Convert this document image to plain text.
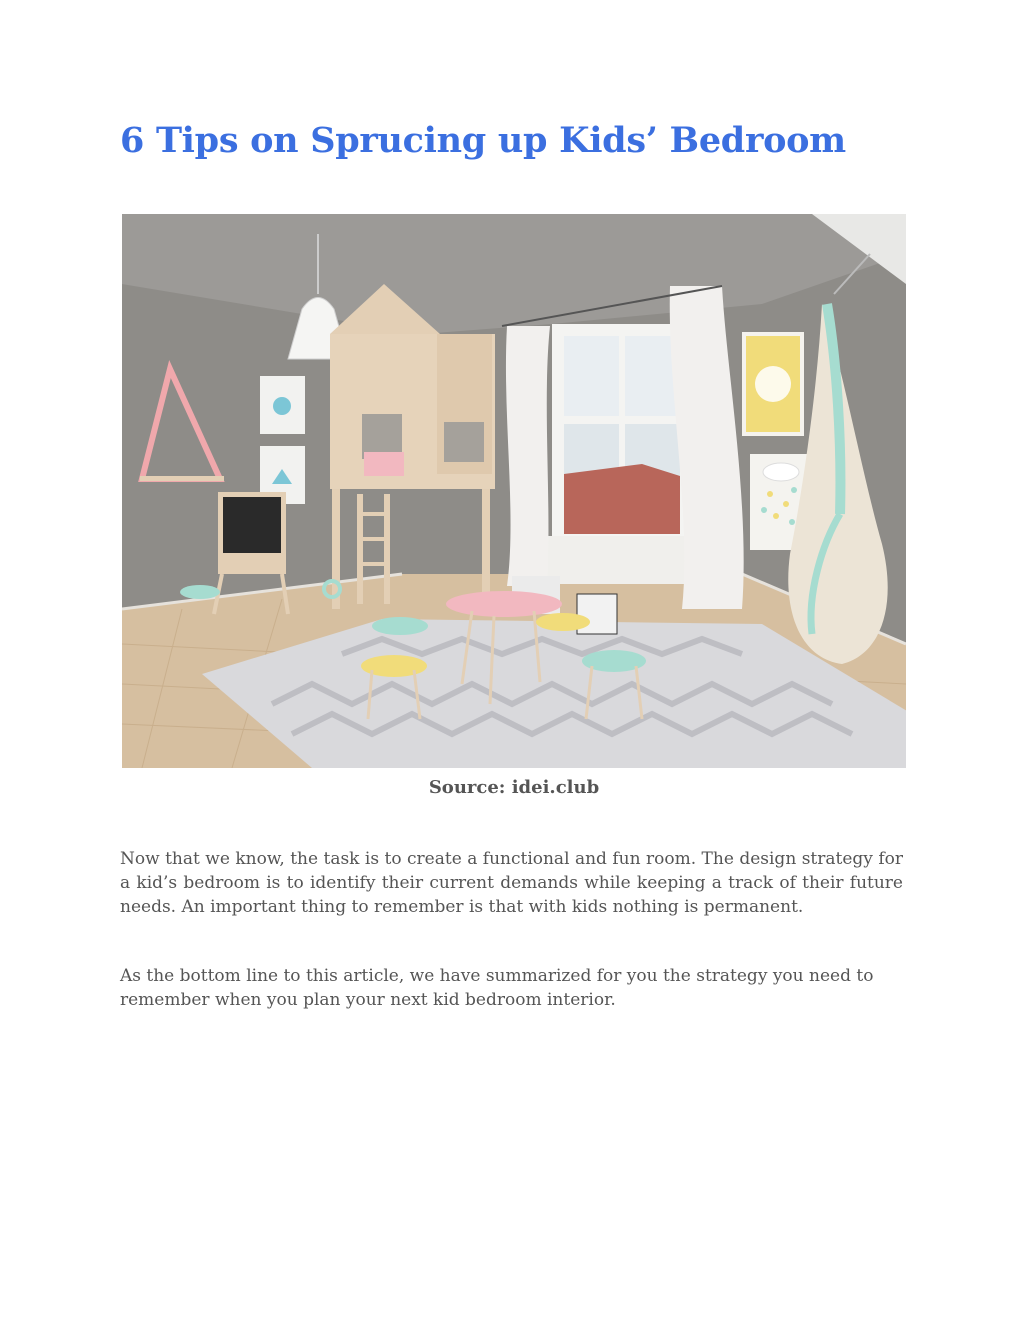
6 Tips on Sprucing up Kids’ Bedroom
Source: idei.club

Now that we know, the task is to create a functional and fun room. The design strategy for a kid’s bedroom is to identify their current demands while keeping a track of their future needs. An important thing to remember is that with kids nothing is permanent.

As the bottom line to this article, we have summarized for you the strategy you need to remember when you plan your next kid bedroom interior.
